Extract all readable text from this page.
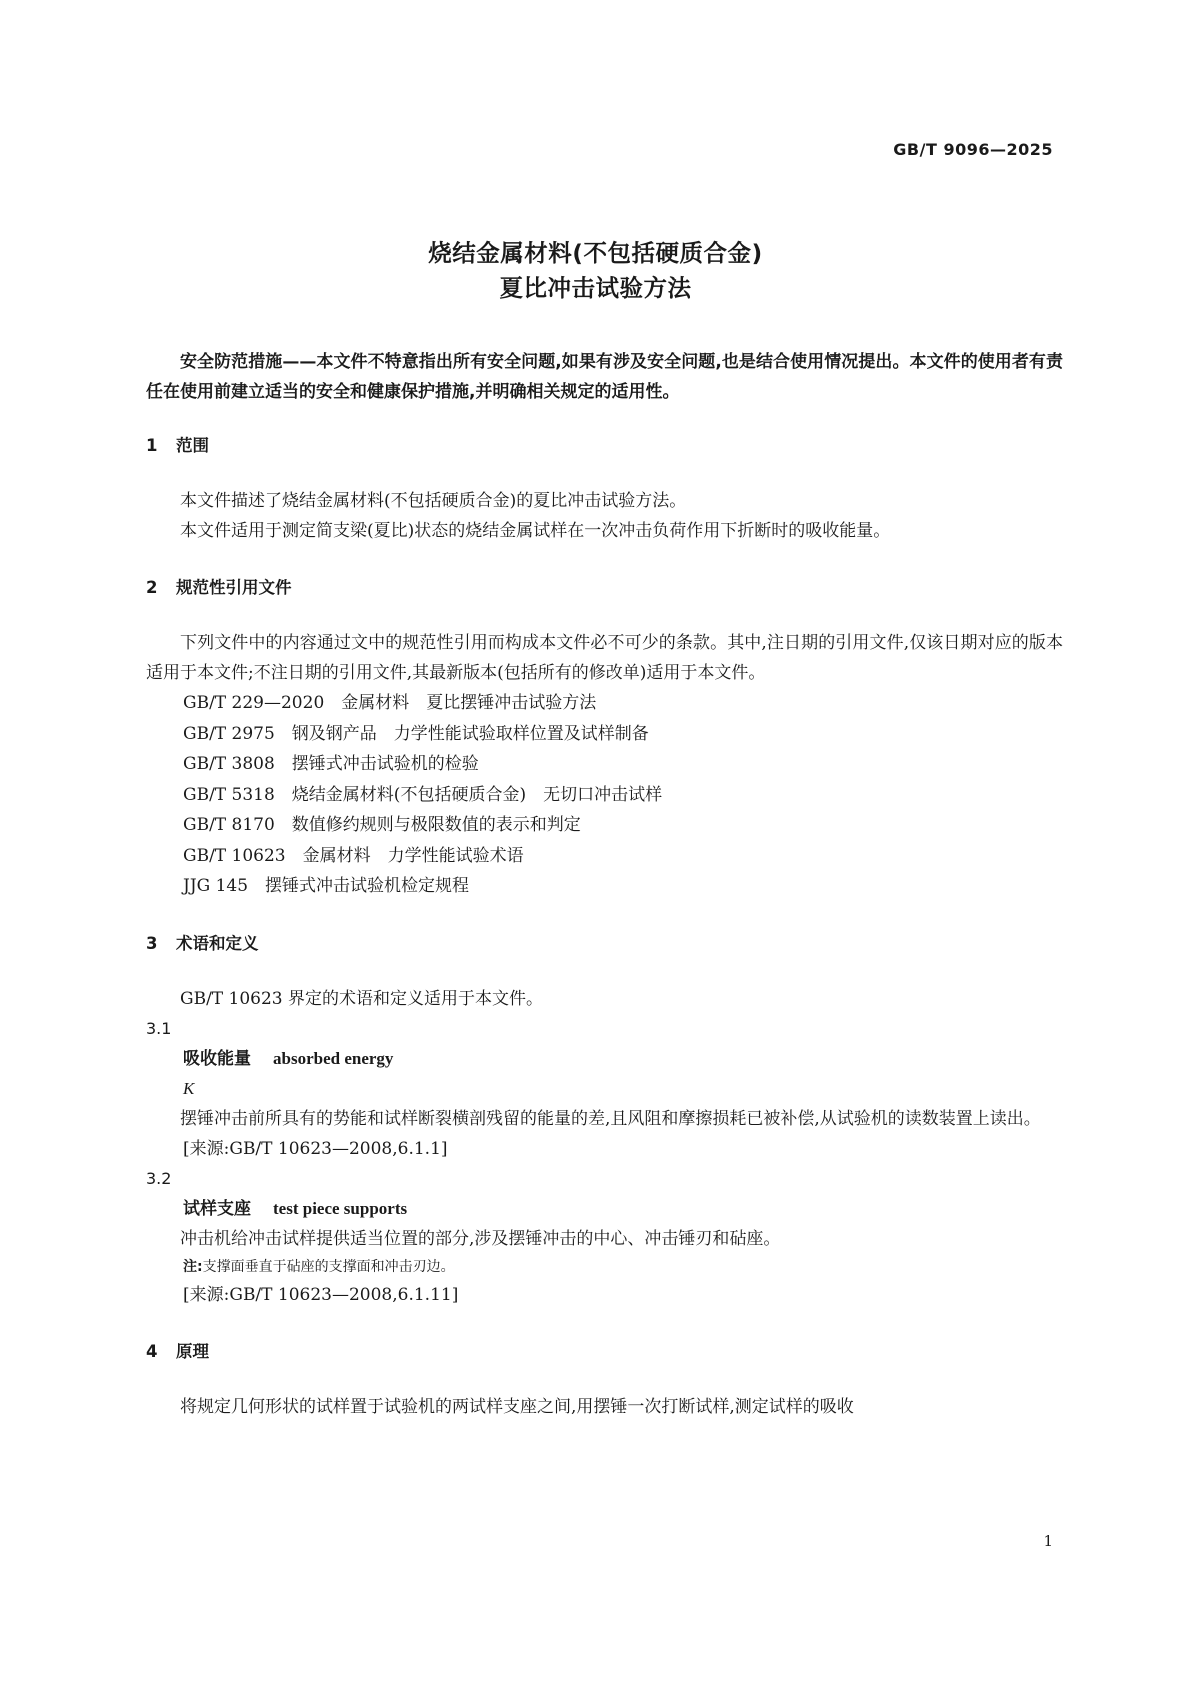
GB/T 9096—2025
烧结金属材料(不包括硬质合金)
夏比冲击试验方法

安全防范措施——本文件不特意指出所有安全问题,如果有涉及安全问题,也是结合使用情况提出。本文件的使用者有责任在使用前建立适当的安全和健康保护措施,并明确相关规定的适用性。

1 范围

本文件描述了烧结金属材料(不包括硬质合金)的夏比冲击试验方法。

本文件适用于测定简支梁(夏比)状态的烧结金属试样在一次冲击负荷作用下折断时的吸收能量。

2 规范性引用文件

下列文件中的内容通过文中的规范性引用而构成本文件必不可少的条款。其中,注日期的引用文件,仅该日期对应的版本适用于本文件;不注日期的引用文件,其最新版本(包括所有的修改单)适用于本文件。

GB/T 229—2020　金属材料　夏比摆锤冲击试验方法
GB/T 2975　钢及钢产品　力学性能试验取样位置及试样制备
GB/T 3808　摆锤式冲击试验机的检验
GB/T 5318　烧结金属材料(不包括硬质合金)　无切口冲击试样
GB/T 8170　数值修约规则与极限数值的表示和判定
GB/T 10623　金属材料　力学性能试验术语
JJG 145　摆锤式冲击试验机检定规程
3 术语和定义

GB/T 10623 界定的术语和定义适用于本文件。

3.1
吸收能量 absorbed energy
K

摆锤冲击前所具有的势能和试样断裂横剖残留的能量的差,且风阻和摩擦损耗已被补偿,从试验机的读数装置上读出。

[来源:GB/T 10623—2008,6.1.1]
3.2
试样支座 test piece supports

冲击机给冲击试样提供适当位置的部分,涉及摆锤冲击的中心、冲击锤刃和砧座。

注:支撑面垂直于砧座的支撑面和冲击刃边。
[来源:GB/T 10623—2008,6.1.11]
4 原理

将规定几何形状的试样置于试验机的两试样支座之间,用摆锤一次打断试样,测定试样的吸收

1
